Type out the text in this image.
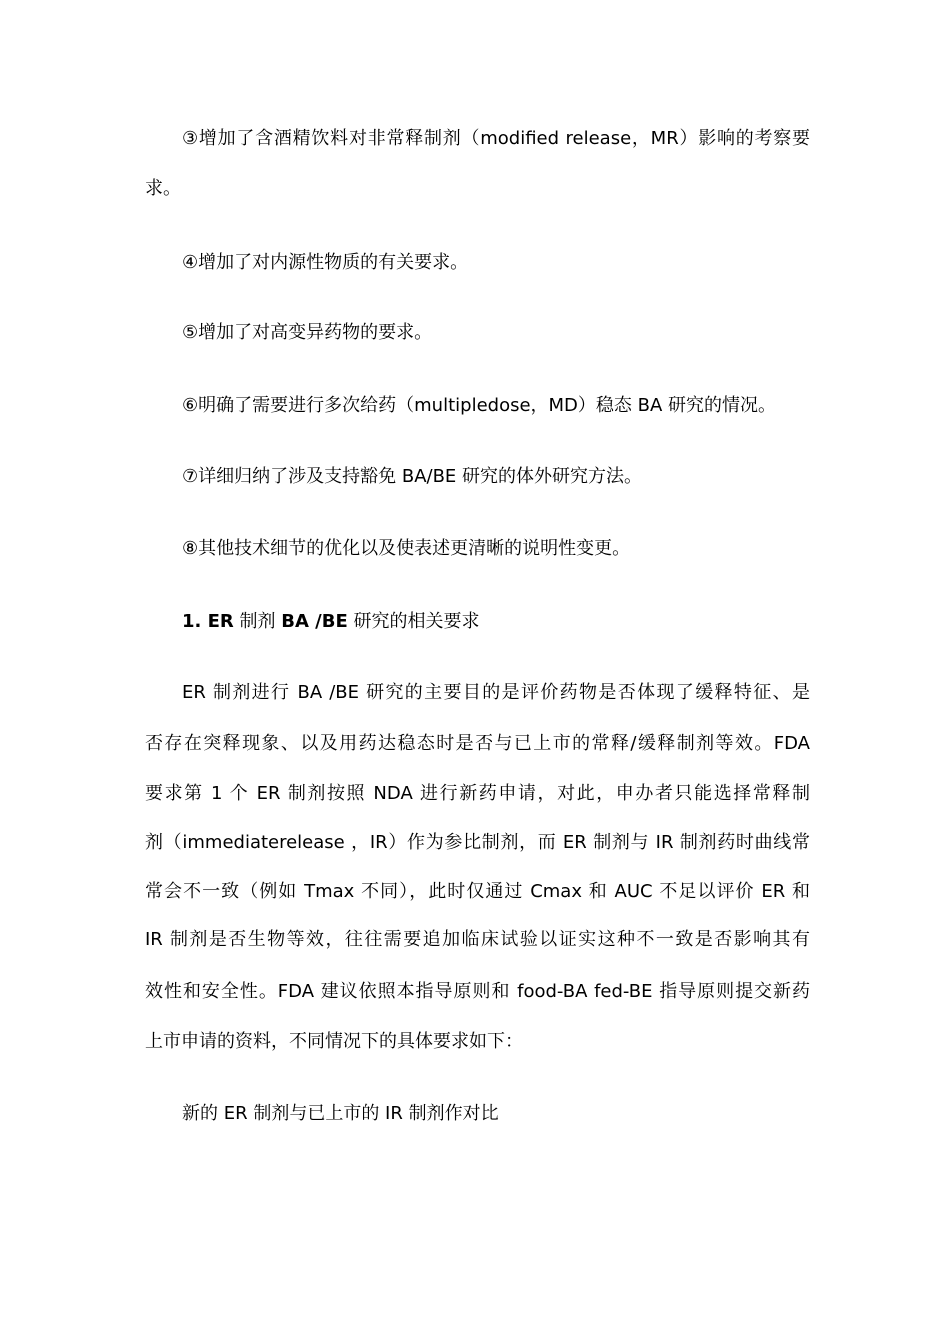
③增加了含酒精饮料对非常释制剂（modified release，MR）影响的考察要
求。
④增加了对内源性物质的有关要求。
⑤增加了对高变异药物的要求。
⑥明确了需要进行多次给药（multipledose，MD）稳态 BA 研究的情况。
⑦详细归纳了涉及支持豁免 BA/BE 研究的体外研究方法。
⑧其他技术细节的优化以及使表述更清晰的说明性变更。
1. ER 制剂 BA /BE 研究的相关要求
ER 制剂进行 BA /BE 研究的主要目的是评价药物是否体现了缓释特征、是
否存在突释现象、以及用药达稳态时是否与已上市的常释/缓释制剂等效。FDA
要求第 1 个 ER 制剂按照 NDA 进行新药申请，对此，申办者只能选择常释制
剂（immediaterelease ，IR）作为参比制剂，而 ER 制剂与 IR 制剂药时曲线常
常会不一致（例如 Tmax 不同），此时仅通过 Cmax 和 AUC 不足以评价 ER 和
IR 制剂是否生物等效，往往需要追加临床试验以证实这种不一致是否影响其有
效性和安全性。FDA 建议依照本指导原则和 food-BA fed-BE 指导原则提交新药
上市申请的资料，不同情况下的具体要求如下：
新的 ER 制剂与已上市的 IR 制剂作对比
